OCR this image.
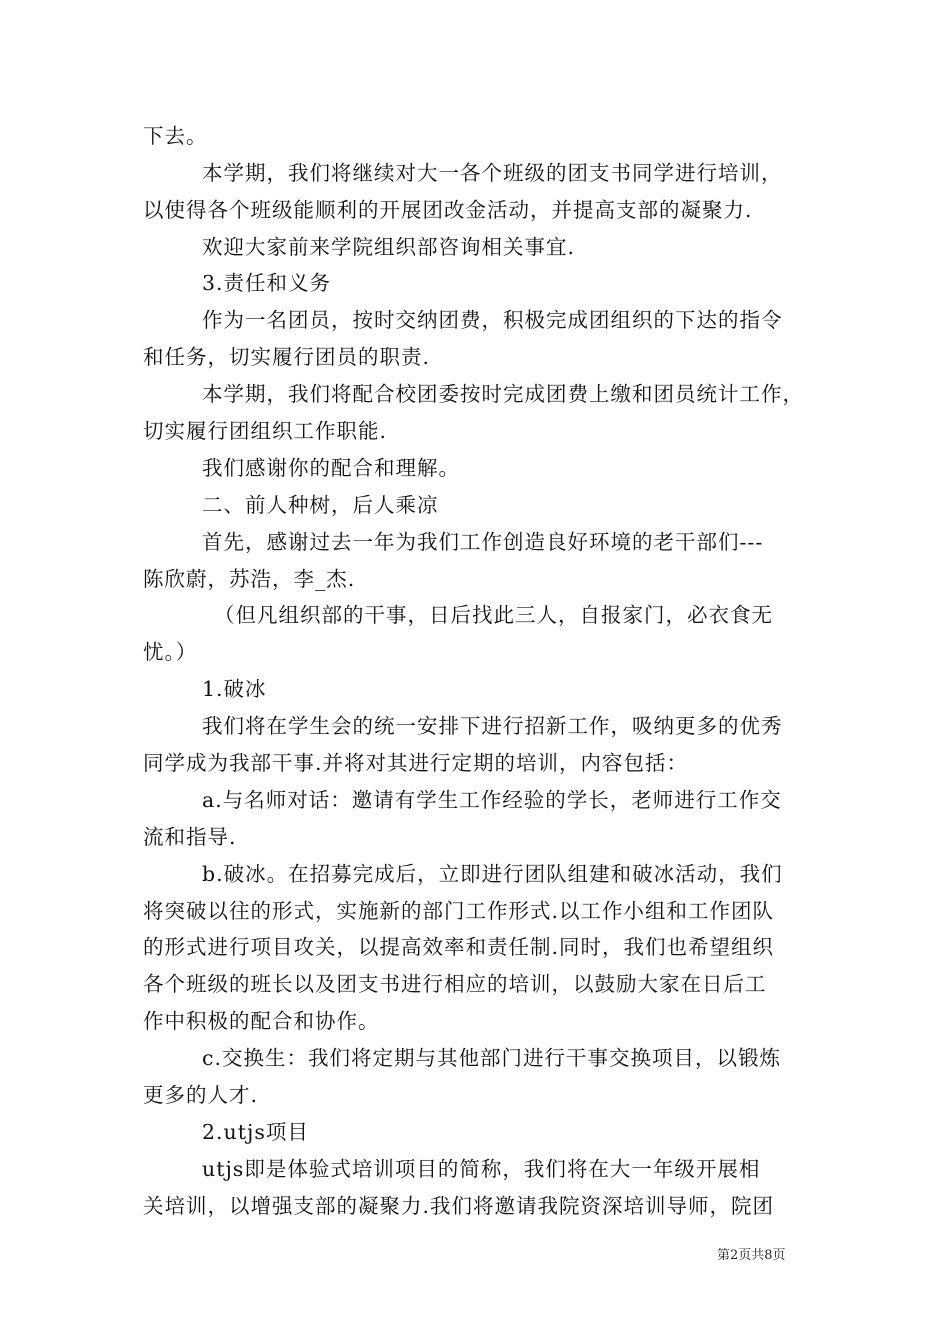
下去。

本学期，我们将继续对大一各个班级的团支书同学进行培训，

以使得各个班级能顺利的开展团改金活动，并提高支部的凝聚力.

欢迎大家前来学院组织部咨询相关事宜.

3.责任和义务

作为一名团员，按时交纳团费，积极完成团组织的下达的指令

和任务，切实履行团员的职责.

本学期，我们将配合校团委按时完成团费上缴和团员统计工作，

切实履行团组织工作职能.

我们感谢你的配合和理解。

二、前人种树，后人乘凉

首先，感谢过去一年为我们工作创造良好环境的老干部们---

陈欣蔚，苏浩，李_杰.

（但凡组织部的干事，日后找此三人，自报家门，必衣食无

忧。）

1.破冰

我们将在学生会的统一安排下进行招新工作，吸纳更多的优秀

同学成为我部干事.并将对其进行定期的培训，内容包括：

a.与名师对话：邀请有学生工作经验的学长，老师进行工作交

流和指导.

b.破冰。在招募完成后，立即进行团队组建和破冰活动，我们

将突破以往的形式，实施新的部门工作形式.以工作小组和工作团队

的形式进行项目攻关，以提高效率和责任制.同时，我们也希望组织

各个班级的班长以及团支书进行相应的培训，以鼓励大家在日后工

作中积极的配合和协作。

c.交换生：我们将定期与其他部门进行干事交换项目，以锻炼

更多的人才.

2.utjs项目

utjs即是体验式培训项目的简称，我们将在大一年级开展相

关培训，以增强支部的凝聚力.我们将邀请我院资深培训导师，院团

第2页共8页
